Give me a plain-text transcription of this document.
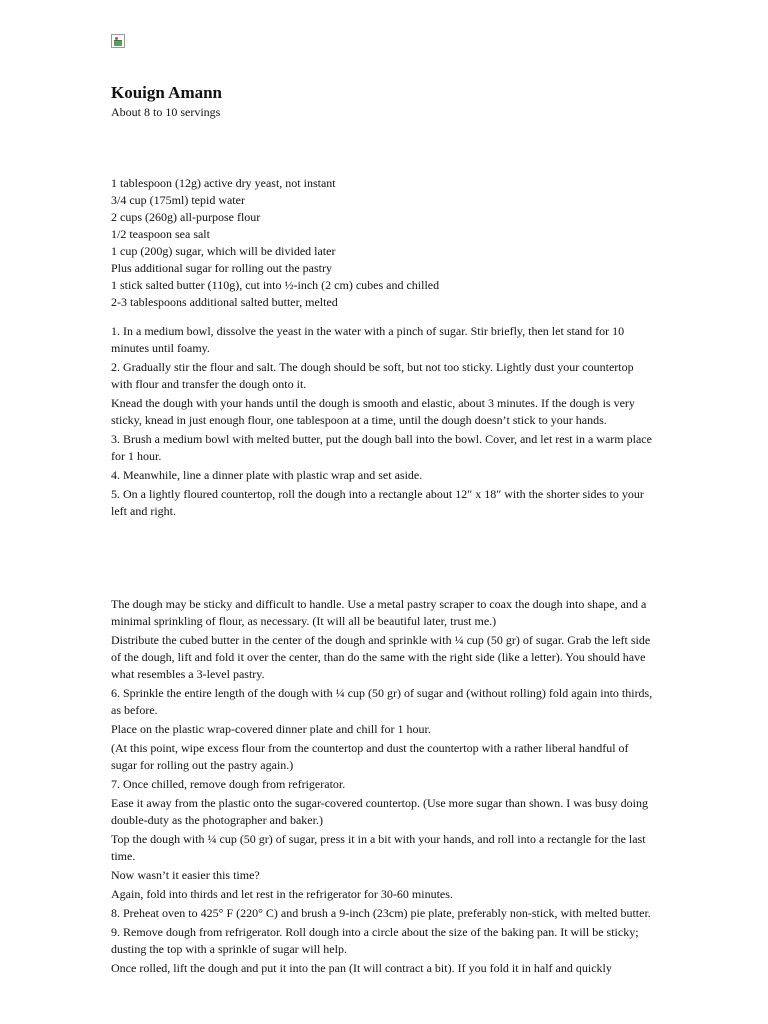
Kouign Amann
About 8 to 10 servings
1 tablespoon (12g) active dry yeast, not instant
3/4 cup (175ml) tepid water
2 cups (260g) all-purpose flour
1/2 teaspoon sea salt
1 cup (200g) sugar, which will be divided later
Plus additional sugar for rolling out the pastry
1 stick salted butter (110g), cut into ½-inch (2 cm) cubes and chilled
2-3 tablespoons additional salted butter, melted

1. In a medium bowl, dissolve the yeast in the water with a pinch of sugar. Stir briefly, then let stand for 10 minutes until foamy.

2. Gradually stir the flour and salt. The dough should be soft, but not too sticky. Lightly dust your countertop with flour and transfer the dough onto it.

Knead the dough with your hands until the dough is smooth and elastic, about 3 minutes. If the dough is very sticky, knead in just enough flour, one tablespoon at a time, until the dough doesn’t stick to your hands.

3. Brush a medium bowl with melted butter, put the dough ball into the bowl. Cover, and let rest in a warm place for 1 hour.

4. Meanwhile, line a dinner plate with plastic wrap and set aside.

5. On a lightly floured countertop, roll the dough into a rectangle about 12″ x 18″ with the shorter sides to your left and right.

The dough may be sticky and difficult to handle. Use a metal pastry scraper to coax the dough into shape, and a minimal sprinkling of flour, as necessary. (It will all be beautiful later, trust me.)

Distribute the cubed butter in the center of the dough and sprinkle with ¼ cup (50 gr) of sugar. Grab the left side of the dough, lift and fold it over the center, than do the same with the right side (like a letter). You should have what resembles a 3-level pastry.

6. Sprinkle the entire length of the dough with ¼ cup (50 gr) of sugar and (without rolling) fold again into thirds, as before.

Place on the plastic wrap-covered dinner plate and chill for 1 hour.

(At this point, wipe excess flour from the countertop and dust the countertop with a rather liberal handful of sugar for rolling out the pastry again.)

7. Once chilled, remove dough from refrigerator.

Ease it away from the plastic onto the sugar-covered countertop. (Use more sugar than shown. I was busy doing double-duty as the photographer and baker.)

Top the dough with ¼ cup (50 gr) of sugar, press it in a bit with your hands, and roll into a rectangle for the last time.

Now wasn’t it easier this time?

Again, fold into thirds and let rest in the refrigerator for 30-60 minutes.

8. Preheat oven to 425° F (220° C) and brush a 9-inch (23cm) pie plate, preferably non-stick, with melted butter.

9. Remove dough from refrigerator. Roll dough into a circle about the size of the baking pan. It will be sticky; dusting the top with a sprinkle of sugar will help.

Once rolled, lift the dough and put it into the pan (It will contract a bit). If you fold it in half and quickly
